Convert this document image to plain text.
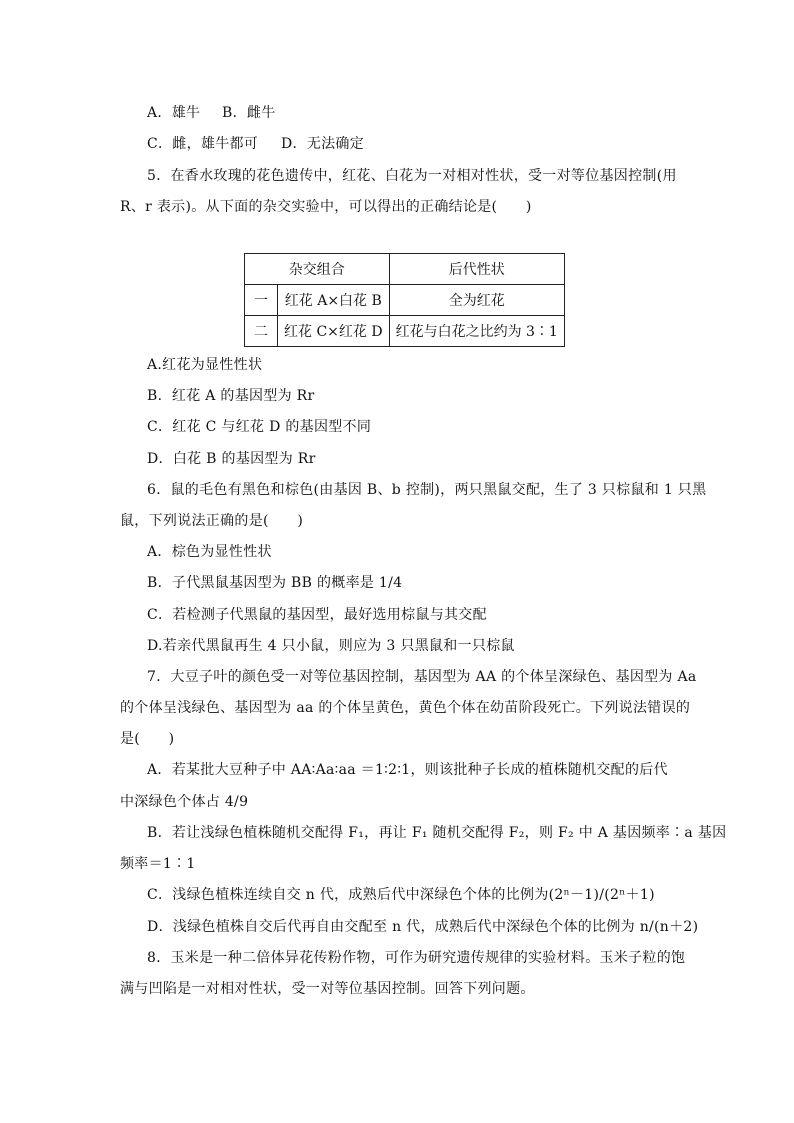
A．雄牛 B．雌牛
C．雌，雄牛都可 D．无法确定
5．在香水玫瑰的花色遗传中，红花、白花为一对相对性状，受一对等位基因控制(用
R、r 表示)。从下面的杂交实验中，可以得出的正确结论是(　　)
杂交组合		后代性状
一	红花 A×白花 B	全为红花
二	红花 C×红花 D	红花与白花之比约为 3∶1
A.红花为显性性状
B．红花 A 的基因型为 Rr
C．红花 C 与红花 D 的基因型不同
D．白花 B 的基因型为 Rr
6．鼠的毛色有黑色和棕色(由基因 B、b 控制)，两只黑鼠交配，生了 3 只棕鼠和 1 只黑
鼠，下列说法正确的是(　　)
A．棕色为显性性状
B．子代黑鼠基因型为 BB 的概率是 1/4
C．若检测子代黑鼠的基因型，最好选用棕鼠与其交配
D.若亲代黑鼠再生 4 只小鼠，则应为 3 只黑鼠和一只棕鼠
7．大豆子叶的颜色受一对等位基因控制，基因型为 AA 的个体呈深绿色、基因型为 Aa
的个体呈浅绿色、基因型为 aa 的个体呈黄色，黄色个体在幼苗阶段死亡。下列说法错误的
是(　　)
A．若某批大豆种子中 AA∶Aa∶aa ＝1∶2∶1，则该批种子长成的植株随机交配的后代
中深绿色个体占 4/9
B．若让浅绿色植株随机交配得 F₁，再让 F₁ 随机交配得 F₂，则 F₂ 中 A 基因频率∶a 基因
频率＝1∶1
C．浅绿色植株连续自交 n 代，成熟后代中深绿色个体的比例为(2ⁿ－1)/(2ⁿ＋1)
D．浅绿色植株自交后代再自由交配至 n 代，成熟后代中深绿色个体的比例为 n/(n＋2)
8．玉米是一种二倍体异花传粉作物，可作为研究遗传规律的实验材料。玉米子粒的饱
满与凹陷是一对相对性状，受一对等位基因控制。回答下列问题。
